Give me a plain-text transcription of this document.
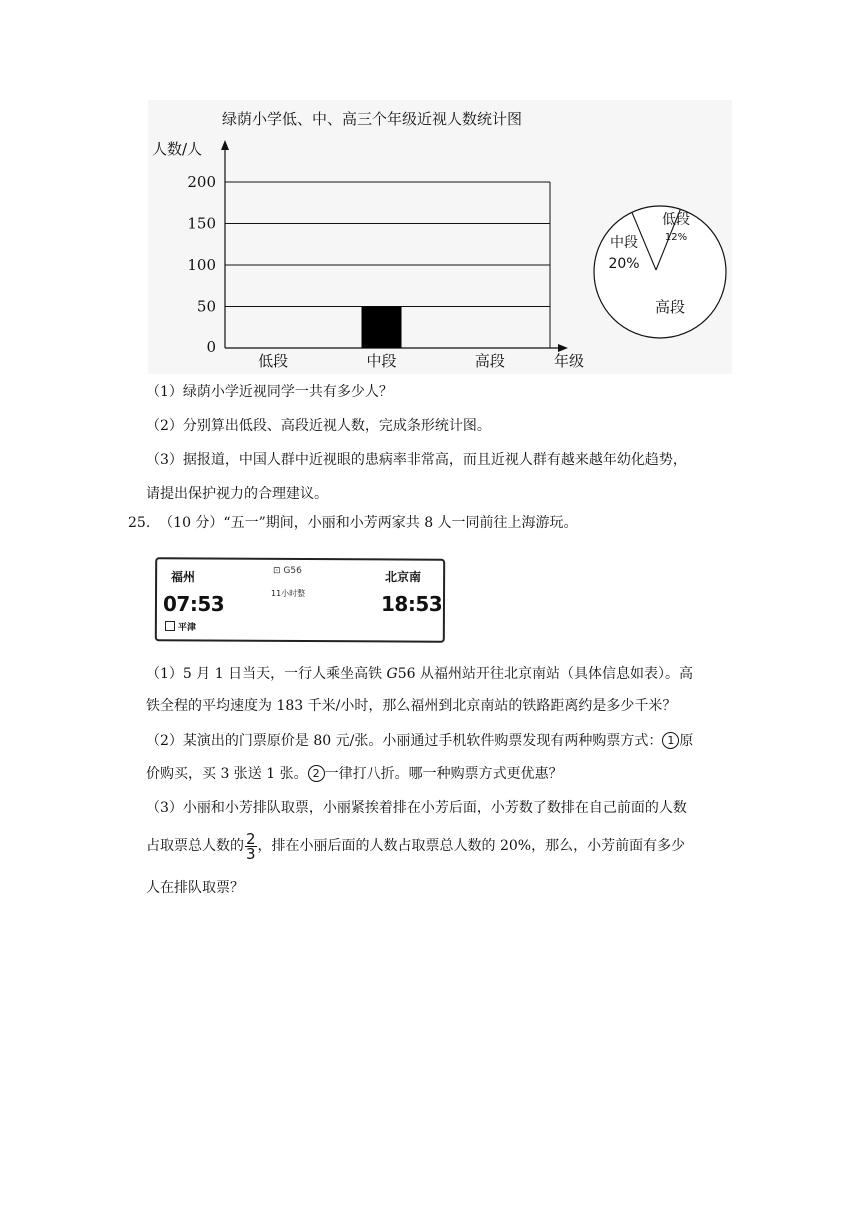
绿荫小学低、中、高三个年级近视人数统计图
人数/人
年级
0
50
100
150
200
低段	中段	高段
低段
12%
中段
20%
高段
（1）绿荫小学近视同学一共有多少人？
（2）分别算出低段、高段近视人数，完成条形统计图。
（3）据报道，中国人群中近视眼的患病率非常高，而且近视人群有越来越年幼化趋势，
请提出保护视力的合理建议。
25. （10 分）“五一”期间，小丽和小芳两家共 8 人一同前往上海游玩。
福州	⊡ G56
11小时整
北京南
07:53	18:53
平津
（1）5 月 1 日当天，一行人乘坐高铁 G56 从福州站开往北京南站（具体信息如表）。高
铁全程的平均速度为 183 千米/小时，那么福州到北京南站的铁路距离约是多少千米？
（2）某演出的门票原价是 80 元/张。小丽通过手机软件购票发现有两种购票方式： 1 原
价购买，买 3 张送 1 张。 2 一律打八折。哪一种购票方式更优惠？
（3）小丽和小芳排队取票，小丽紧挨着排在小芳后面，小芳数了数排在自己前面的人数
占取票总人数的 $\frac{2}{3}$ ，排在小丽后面的人数占取票总人数的 20%，那么，小芳前面有多少
人在排队取票？
